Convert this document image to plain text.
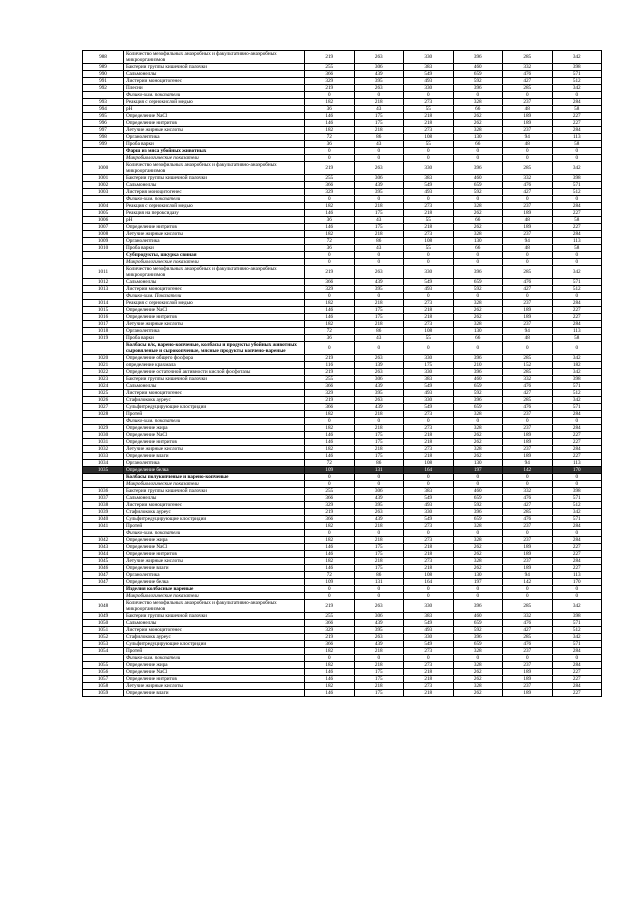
988	Количество мезофильных анаэробных и факультативно-анаэробных микроорганизмов	219	263	330	396	285	342
989	Бактерии группы кишечной палочки	255	306	383	460	332	398
990	Сальмонеллы	366	439	549	659	476	571
991	Листерии моноцитогенес	329	395	493	592	427	512
992	Плесни	219	263	330	396	285	342
	Физико-хим. показатели	0	0	0	0	0	0
993	Реакция с сернокислой медью	182	218	273	328	237	284
994	pH	36	43	55	66	48	58
995	Определение NaCl	146	175	218	262	189	227
996	Определение нитритов	146	175	218	262	189	227
997	Летучие жирные кислоты	182	218	273	328	237	284
998	Органолептика	72	86	108	130	94	113
999	Проба варки	36	43	55	66	48	58
	Фарш из мяса убойных животных	0	0	0	0	0	0
	Микробиологические показатели	0	0	0	0	0	0
1000	Количество мезофильных анаэробных и факультативно-анаэробных микроорганизмов	219	263	330	396	285	342
1001	Бактерии группы кишечной палочки	255	306	383	460	332	398
1002	Сальмонеллы	366	439	549	659	476	571
1003	Листерия моноцитогенес	329	395	493	592	427	512
	Физико-хим. показатели	0	0	0	0	0	0
1004	Реакция с сернокислой медью	182	218	273	328	237	284
1005	Реакция на пероксидазу	146	175	218	262	189	227
1006	pH	36	43	55	66	48	58
1007	Определение нитритов	146	175	218	262	189	227
1008	Летучие жирные кислоты	182	218	273	328	237	284
1009	Органолептика	72	86	108	130	94	113
1010	Проба варки	36	43	55	66	48	58
	Субпродукты, шкурка свиная	0	0	0	0	0	0
	Микробиологические показатели	0	0	0	0	0	0
1011	Количество мезофильных анаэробных и факультативно-анаэробных микроорганизмов	219	263	330	396	285	342
1012	Сальмонеллы	366	439	549	659	476	571
1013	Листерии моноцитогенес	329	395	493	592	427	512
	Физико-хим. Показатели	0	0	0	0	0	0
1014	Реакция с сернокислой медью	182	218	273	328	237	284
1015	Определение NaCl	146	175	218	262	189	227
1016	Определение нитритов	146	175	218	262	189	227
1017	Летучие жирные кислоты	182	218	273	328	237	284
1018	Органолептика	72	86	108	130	94	113
1019	Проба варки	36	43	55	66	48	58
	Колбасы в/к, варено-копченые, колбасы и продукты убойных животных сыровяленые и сырокопченые, мясные продукты копчено-вареные	0	0	0	0	0	0
1020	Определение общего фосфора	219	263	330	396	285	342
1021	определение крахмала	116	139	175	210	152	182
1022	Определение остаточной активности кислой фосфотазы	219	263	330	396	285	342
1023	Бактерии группы кишечной палочки	255	306	383	460	332	398
1024	Сальмонеллы	366	439	549	659	476	571
1025	Листерии моноцитогенес	329	395	493	592	427	512
1026	Стафилококк ауреус	219	263	330	396	285	342
1027	Сульфитредуцирующие клостридии	366	439	549	659	476	571
1028	Протей	182	218	273	328	237	284
	Физико-хим. показатели	0	0	0	0	0	0
1029	Определение жира	182	218	273	328	237	284
1030	Определение NaCl	146	175	218	262	189	227
1031	Определение нитритов	146	175	218	262	189	227
1032	Летучие жирные кислоты	182	218	273	328	237	284
1033	Определение влаги	146	175	218	262	189	227
1034	Органолептика	72	86	108	130	94	113
1035	Определение белка	109	131	164	197	142	170
	Колбасы полукопченые и варено-копченые	0	0	0	0	0	0
	Микробиологические показатели	0	0	0	0	0	0
1036	Бактерии группы кишечной палочки	255	306	383	460	332	398
1037	Сальмонеллы	366	439	549	659	476	571
1038	Листерии моноцитогенес	329	395	493	592	427	512
1039	Стафилококк ауреус	219	263	330	396	285	342
1040	Сульфитредуцирующие клостридии	366	439	549	659	476	571
1041	Протей	182	218	273	328	237	284
	Физико-хим. показатели	0	0	0	0	0	0
1042	Определение жира	182	218	273	328	237	284
1043	Определение NaCl	146	175	218	262	189	227
1044	Определение нитритов	146	175	218	262	189	227
1045	Летучие жирные кислоты	182	218	273	328	237	284
1046	Определение влаги	146	175	218	262	189	227
1047	Органолептика	72	86	108	130	94	113
1047	Определение белка	109	131	164	197	142	170
	Изделия колбасные вареные	0	0	0	0	0	0
	Микробиологические показатели	0	0	0	0	0	0
1048	Количество мезофильных анаэробных и факультативно-анаэробных микроорганизмов	219	263	330	396	285	342
1049	Бактерии группы кишечной палочки	255	306	383	460	332	398
1050	Сальмонеллы	366	439	549	659	476	571
1051	Листерии моноцитогенес	329	395	493	592	427	512
1052	Стафилококк ауреус	219	263	330	396	285	342
1053	Сульфитредуцирующие клостридии	366	439	549	659	476	571
1054	Протей	182	218	273	328	237	284
	Физико-хим. показатели	0	0	0	0	0	0
1055	Определение жира	182	218	273	328	237	284
1056	Определение NaCl	146	175	218	262	189	227
1057	Определение нитритов	146	175	218	262	189	227
1058	Летучие жирные кислоты	182	218	273	328	237	284
1059	Определение влаги	146	175	218	262	189	227
